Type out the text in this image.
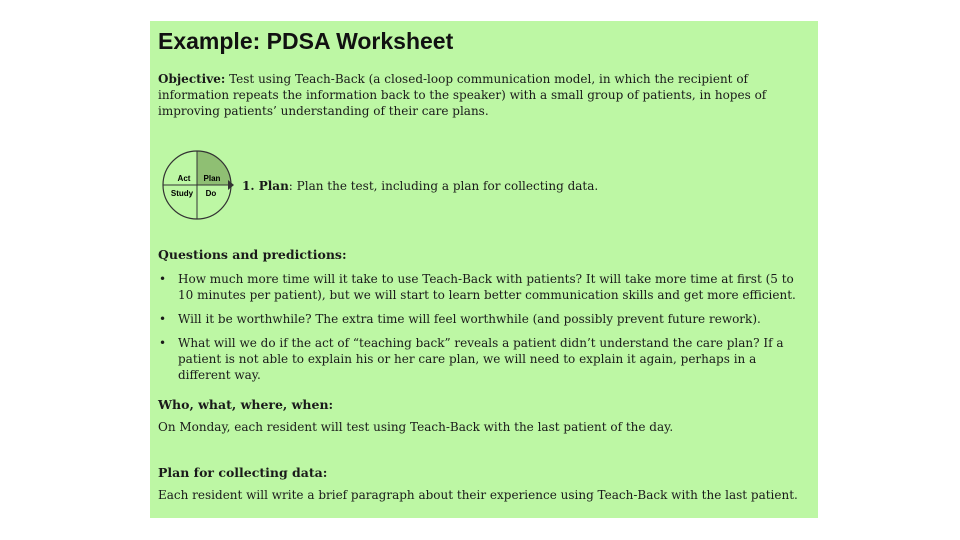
Example: PDSA Worksheet
Objective: Test using Teach-Back (a closed-loop communication model, in which the recipient of information repeats the information back to the speaker) with a small group of patients, in hopes of improving patients’ understanding of their care plans.
Act Plan
Study Do
1. Plan: Plan the test, including a plan for collecting data.
Questions and predictions:
• How much more time will it take to use Teach-Back with patients? It will take more time at first (5 to 10 minutes per patient), but we will start to learn better communication skills and get more efficient.
• Will it be worthwhile? The extra time will feel worthwhile (and possibly prevent future rework).
• What will we do if the act of “teaching back” reveals a patient didn’t understand the care plan? If a patient is not able to explain his or her care plan, we will need to explain it again, perhaps in a different way.
Who, what, where, when:
On Monday, each resident will test using Teach-Back with the last patient of the day.
Plan for collecting data:
Each resident will write a brief paragraph about their experience using Teach-Back with the last patient.
